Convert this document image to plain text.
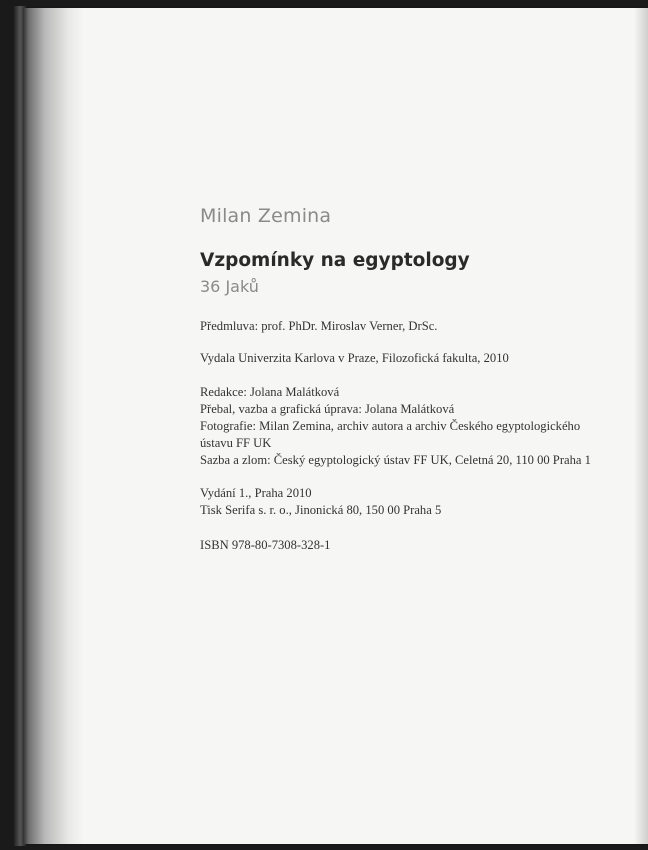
Milan Zemina
Vzpomínky na egyptology
36 Jaků

Předmluva: prof. PhDr. Miroslav Verner, DrSc.

Vydala Univerzita Karlova v Praze, Filozofická fakulta, 2010

Redakce: Jolana Malátková

Přebal, vazba a grafická úprava: Jolana Malátková

Fotografie: Milan Zemina, archiv autora a archiv Českého egyptologického

ústavu FF UK

Sazba a zlom: Český egyptologický ústav FF UK, Celetná 20, 110 00 Praha 1

Vydání 1., Praha 2010

Tisk Serifa s. r. o., Jinonická 80, 150 00 Praha 5

ISBN 978-80-7308-328-1
